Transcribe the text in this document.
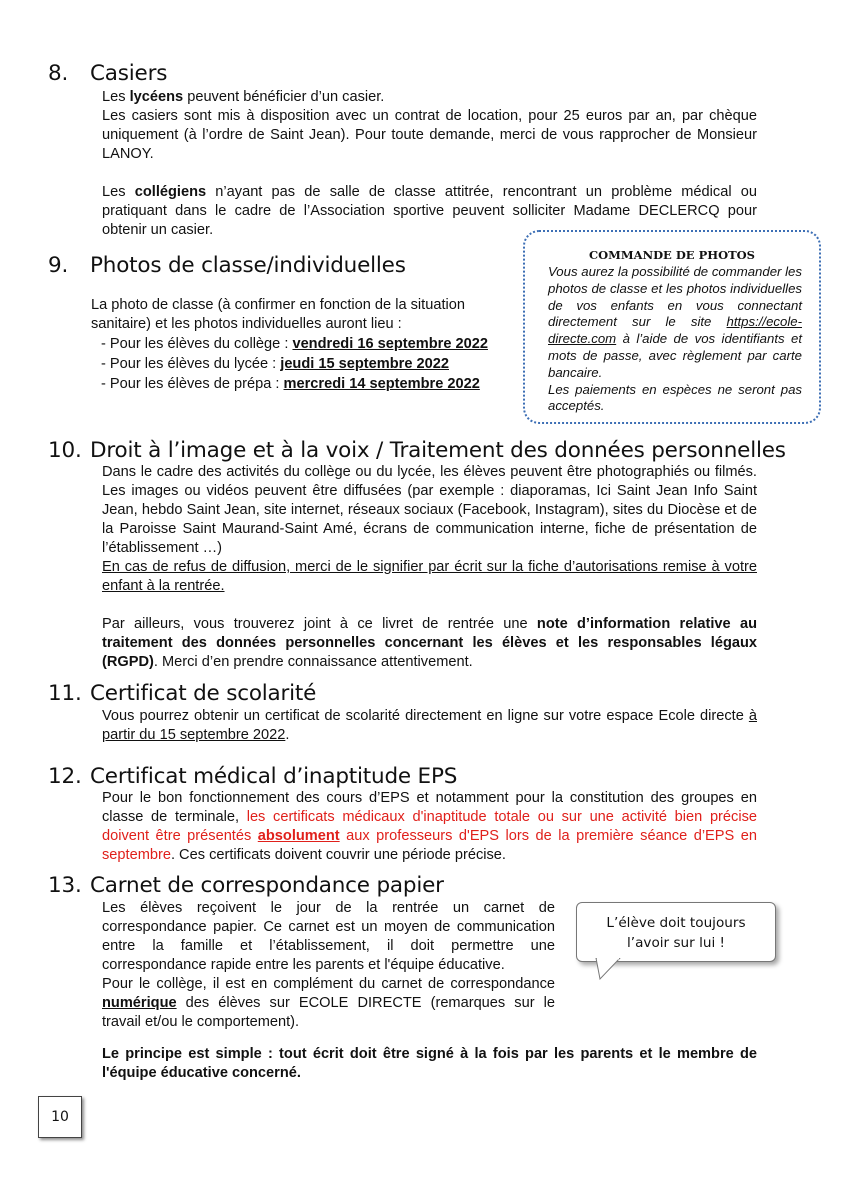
8. Casiers

Les lycéens peuvent bénéficier d’un casier.

Les casiers sont mis à disposition avec un contrat de location, pour 25 euros par an, par chèque uniquement (à l’ordre de Saint Jean). Pour toute demande, merci de vous rapprocher de Monsieur LANOY.

Les collégiens n’ayant pas de salle de classe attitrée, rencontrant un problème médical ou pratiquant dans le cadre de l’Association sportive peuvent solliciter Madame DECLERCQ pour obtenir un casier.

9. Photos de classe/individuelles

La photo de classe (à confirmer en fonction de la situation sanitaire) et les photos individuelles auront lieu :

- Pour les élèves du collège : vendredi 16 septembre 2022

- Pour les élèves du lycée : jeudi 15 septembre 2022

- Pour les élèves de prépa : mercredi 14 septembre 2022

COMMANDE DE PHOTOS

Vous aurez la possibilité de commander les photos de classe et les photos individuelles de vos enfants en vous connectant directement sur le site https://ecole-directe.com à l’aide de vos identifiants et mots de passe, avec règlement par carte bancaire.

Les paiements en espèces ne seront pas acceptés.

10. Droit à l’image et à la voix / Traitement des données personnelles

Dans le cadre des activités du collège ou du lycée, les élèves peuvent être photographiés ou filmés. Les images ou vidéos peuvent être diffusées (par exemple : diaporamas, Ici Saint Jean Info Saint Jean, hebdo Saint Jean, site internet, réseaux sociaux (Facebook, Instagram), sites du Diocèse et de la Paroisse Saint Maurand-Saint Amé, écrans de communication interne, fiche de présentation de l’établissement …)

En cas de refus de diffusion, merci de le signifier par écrit sur la fiche d’autorisations remise à votre enfant à la rentrée.

Par ailleurs, vous trouverez joint à ce livret de rentrée une note d’information relative au traitement des données personnelles concernant les élèves et les responsables légaux (RGPD). Merci d’en prendre connaissance attentivement.

11. Certificat de scolarité

Vous pourrez obtenir un certificat de scolarité directement en ligne sur votre espace Ecole directe à partir du 15 septembre 2022.

12. Certificat médical d’inaptitude EPS

Pour le bon fonctionnement des cours d’EPS et notamment pour la constitution des groupes en classe de terminale, les certificats médicaux d'inaptitude totale ou sur une activité bien précise doivent être présentés absolument aux professeurs d'EPS lors de la première séance d’EPS en septembre. Ces certificats doivent couvrir une période précise.

13. Carnet de correspondance papier

Les élèves reçoivent le jour de la rentrée un carnet de correspondance papier. Ce carnet est un moyen de communication entre la famille et l’établissement, il doit permettre une correspondance rapide entre les parents et l'équipe éducative.

Pour le collège, il est en complément du carnet de correspondance numérique des élèves sur ECOLE DIRECTE (remarques sur le travail et/ou le comportement).

Le principe est simple : tout écrit doit être signé à la fois par les parents et le membre de l'équipe éducative concerné.

L’élève doit toujours
l’avoir sur lui !
10
